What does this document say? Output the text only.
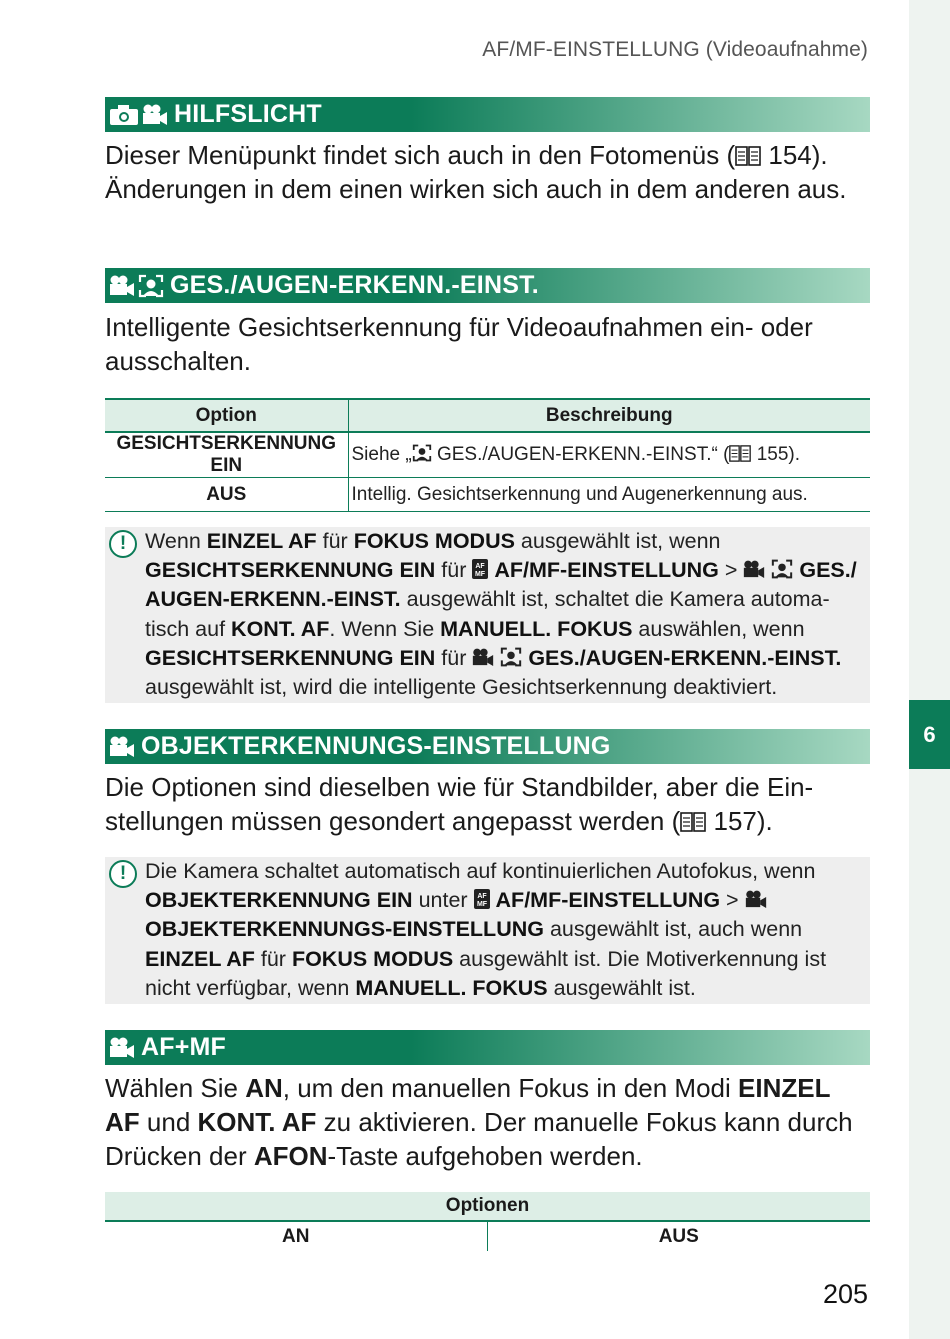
6
AF/MF-EINSTELLUNG (Videoaufnahme)
HILFSLICHT
Dieser Menüpunkt findet sich auch in den Fotomenüs ( 154). Änderungen in dem einen wirken sich auch in dem anderen aus.
GES./AUGEN-ERKENN.-EINST.
Intelligente Gesichtserkennung für Videoaufnahmen ein- oder ausschalten.
Option	Beschreibung
GESICHTSERKENNUNG EIN	Siehe „ GES./AUGEN-ERKENN.-EINST.“ ( 155).
AUS	Intellig. Gesichtserkennung und Augenerkennung aus.
! Wenn EINZEL AF für FOKUS MODUS ausgewählt ist, wenn GESICHTSERKENNUNG EIN für AF
MF AF/MF-EINSTELLUNG >	GES./ AUGEN-ERKENN.-EINST. ausgewählt ist, schaltet die Kamera automa- tisch auf KONT. AF. Wenn Sie MANUELL. FOKUS auswählen, wenn GESICHTSERKENNUNG EIN für	GES./AUGEN-ERKENN.-EINST. ausgewählt ist, wird die intelligente Gesichtserkennung deaktiviert.
OBJEKTERKENNUNGS-EINSTELLUNG
Die Optionen sind dieselben wie für Standbilder, aber die Ein- stellungen müssen gesondert angepasst werden ( 157).
! Die Kamera schaltet automatisch auf kontinuierlichen Autofokus, wenn OBJEKTERKENNUNG EIN unter AF
MF AF/MF-EINSTELLUNG >  OBJEKTERKENNUNGS-EINSTELLUNG ausgewählt ist, auch wenn EINZEL AF für FOKUS MODUS ausgewählt ist. Die Motiverkennung ist nicht verfügbar, wenn MANUELL. FOKUS ausgewählt ist.
AF+MF
Wählen Sie AN, um den manuellen Fokus in den Modi EINZEL AF und KONT. AF zu aktivieren. Der manuelle Fokus kann durch Drücken der AFON-Taste aufgehoben werden.
Optionen
AN	AUS
205
